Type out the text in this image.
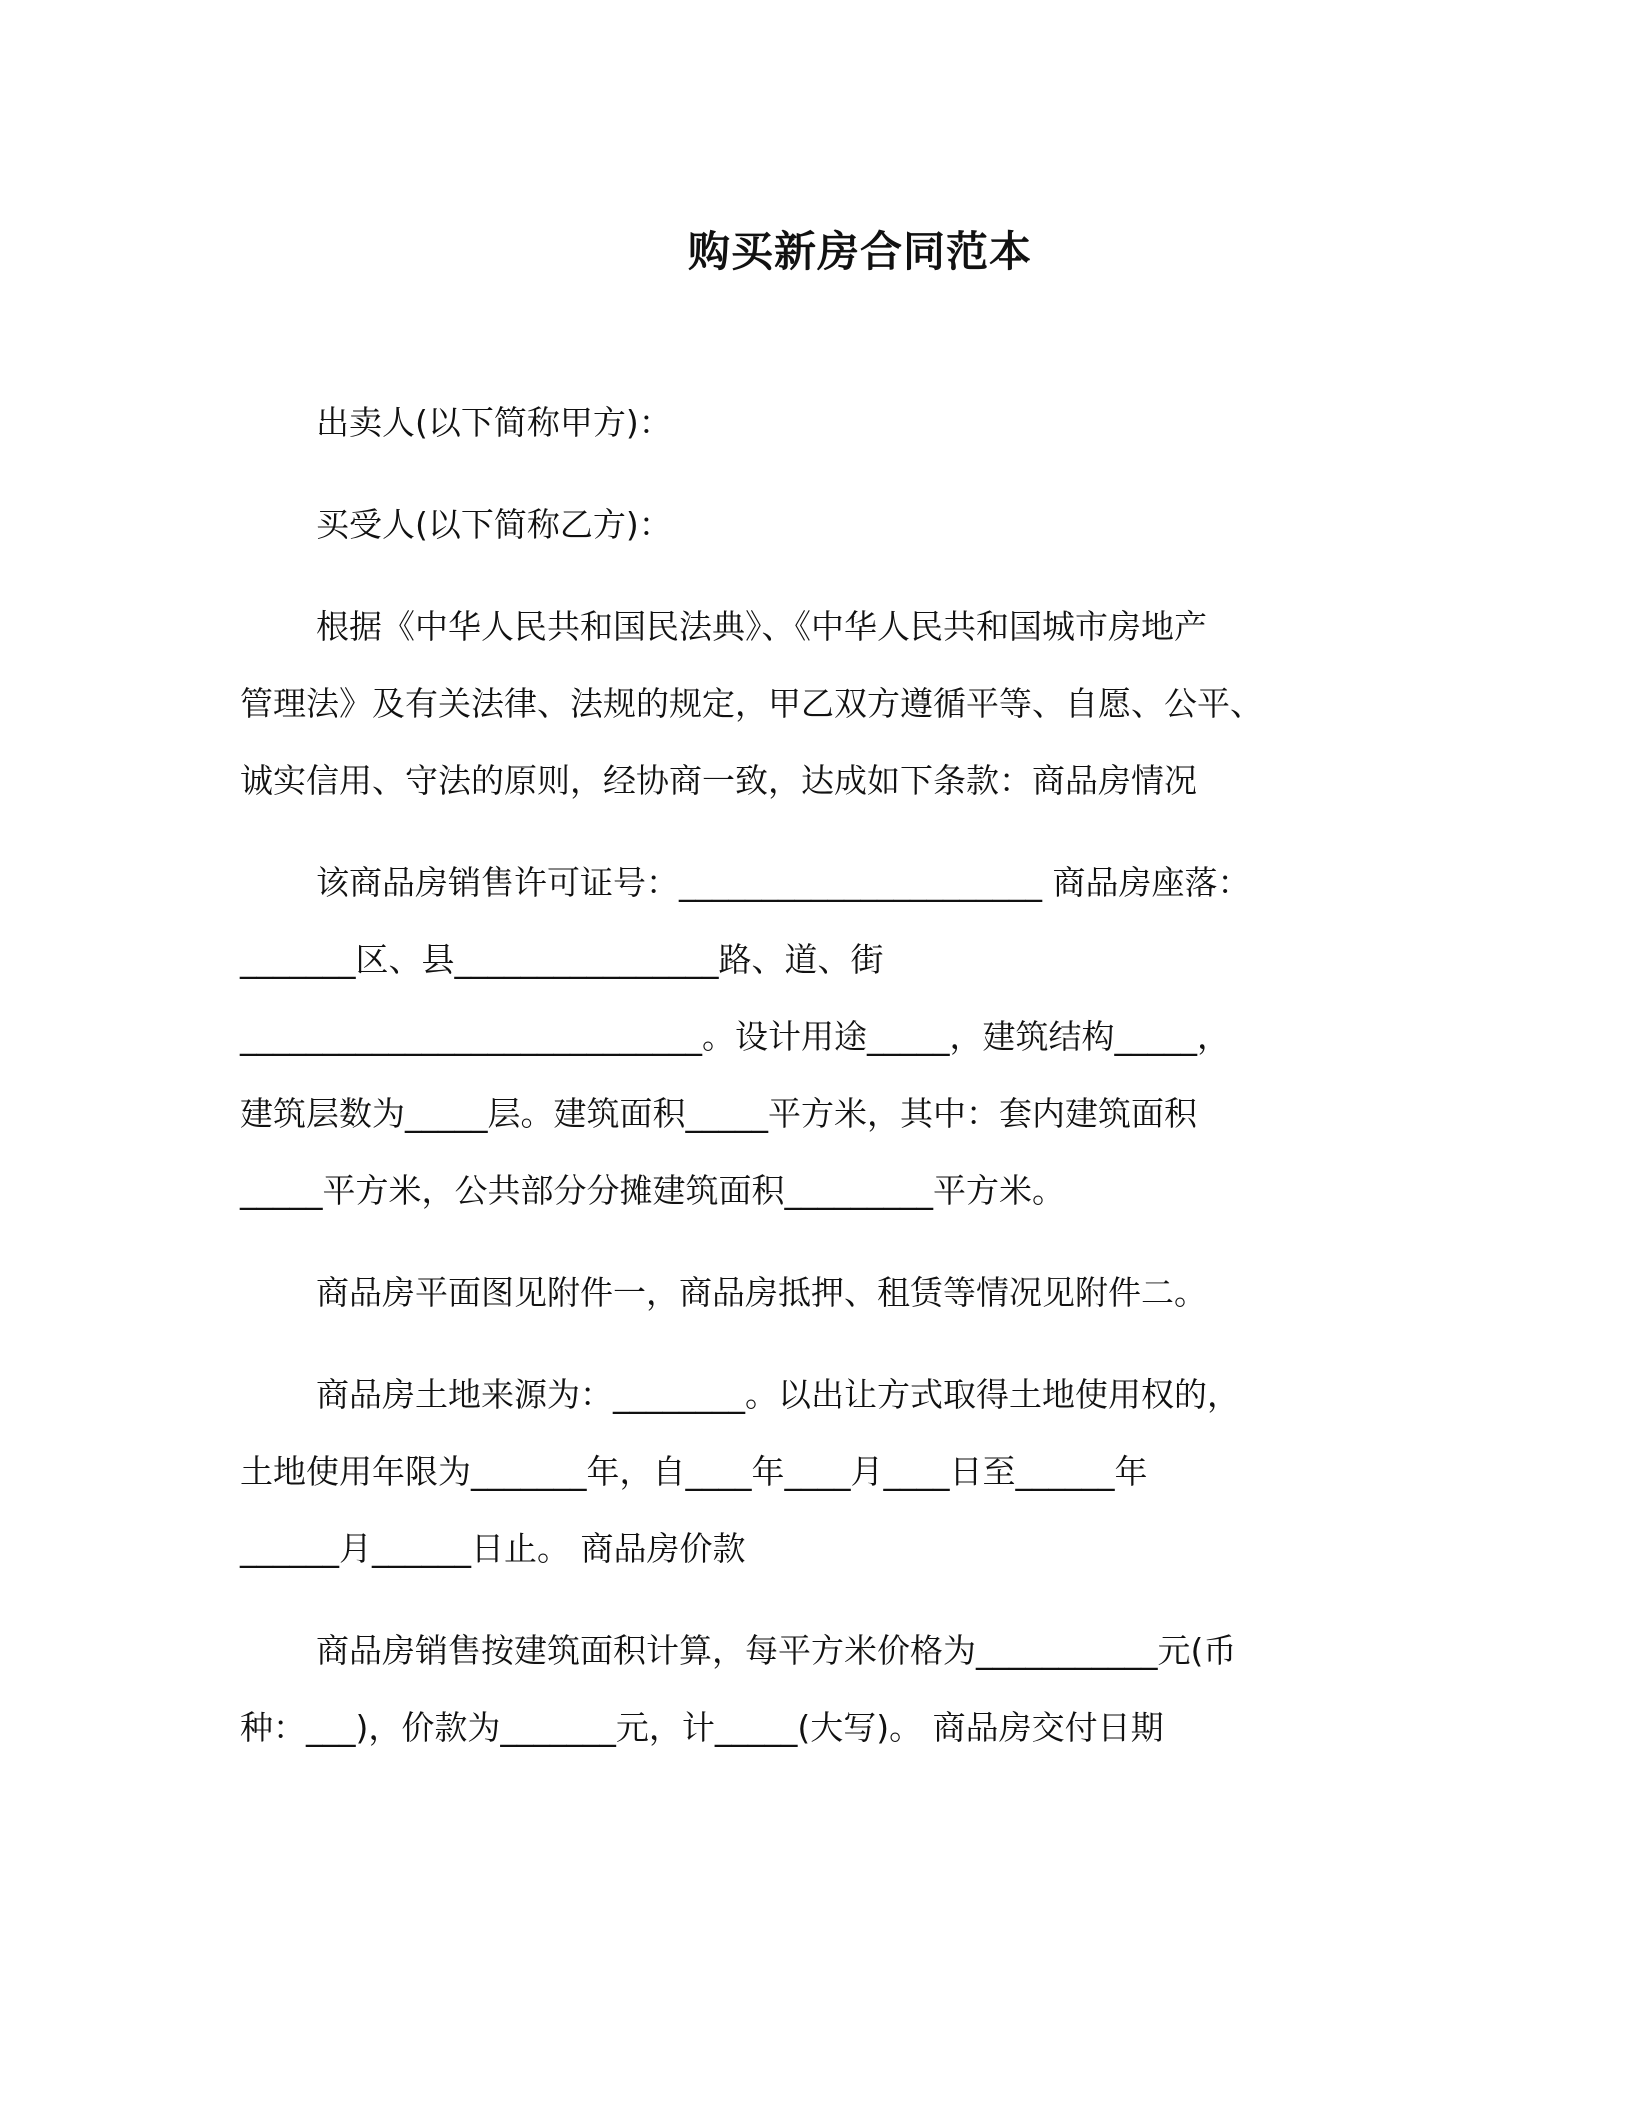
购买新房合同范本
出卖人(以下简称甲方)：
买受人(以下简称乙方)：
根据《中华人民共和国民法典》、《中华人民共和国城市房地产
管理法》及有关法律、法规的规定，甲乙双方遵循平等、自愿、公平、
诚实信用、守法的原则，经协商一致，达成如下条款：商品房情况
该商品房销售许可证号：______________________ 商品房座落：
_______区、县________________路、道、街
____________________________。设计用途_____，建筑结构_____，
建筑层数为_____层。建筑面积_____平方米，其中：套内建筑面积
_____平方米，公共部分分摊建筑面积_________平方米。
商品房平面图见附件一，商品房抵押、租赁等情况见附件二。
商品房土地来源为：________。以出让方式取得土地使用权的，
土地使用年限为_______年，自____年____月____日至______年
______月______日止。 商品房价款
商品房销售按建筑面积计算，每平方米价格为___________元(币
种：___)，价款为_______元，计_____(大写)。 商品房交付日期
